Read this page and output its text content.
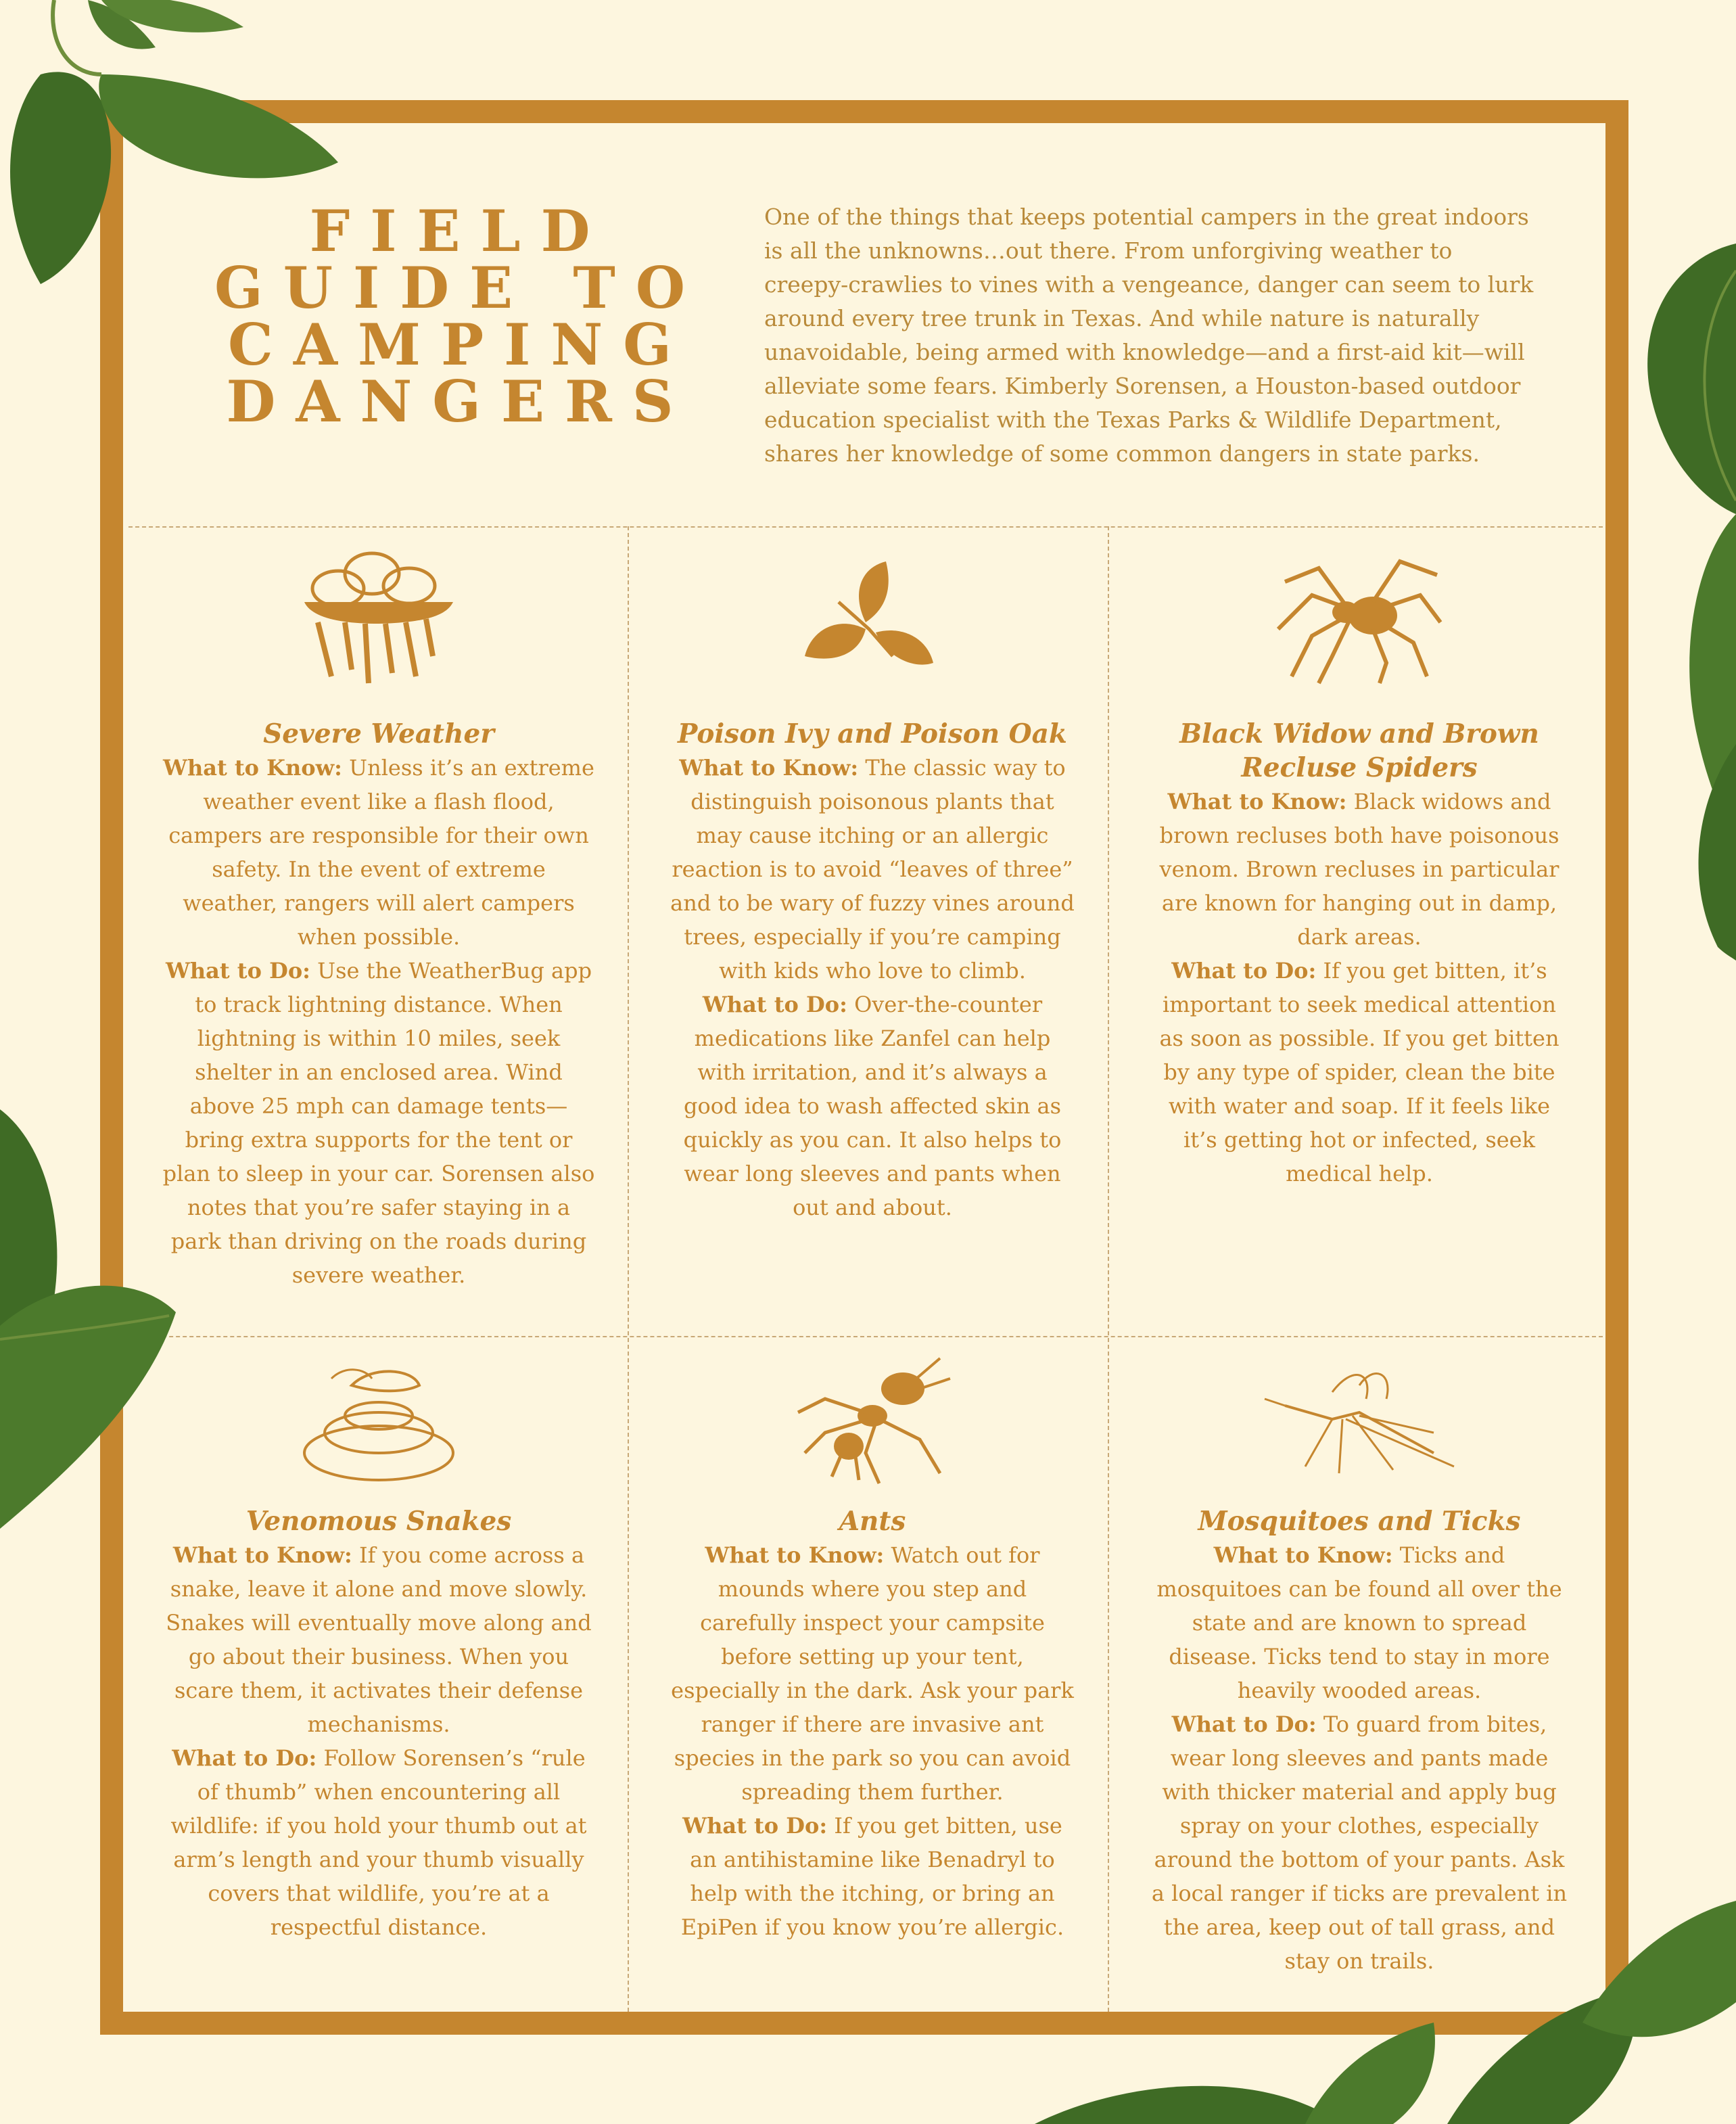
FIELD
GUIDE TO
CAMPING
DANGERS

One of the things that keeps potential campers in the great indoors is all the unknowns…out there. From unforgiving weather to creepy-crawlies to vines with a vengeance, danger can seem to lurk around every tree trunk in Texas. And while nature is naturally unavoidable, being armed with knowledge—and a first-aid kit—will alleviate some fears. Kimberly Sorensen, a Houston-based outdoor education specialist with the Texas Parks & Wildlife Department, shares her knowledge of some common dangers in state parks.

Severe Weather

What to Know: Unless it’s an extreme weather event like a flash flood, campers are responsible for their own safety. In the event of extreme weather, rangers will alert campers when possible.

What to Do: Use the WeatherBug app to track lightning distance. When lightning is within 10 miles, seek shelter in an enclosed area. Wind above 25 mph can damage tents—bring extra supports for the tent or plan to sleep in your car. Sorensen also notes that you’re safer staying in a park than driving on the roads during severe weather.

Poison Ivy and Poison Oak

What to Know: The classic way to distinguish poisonous plants that may cause itching or an allergic reaction is to avoid “leaves of three” and to be wary of fuzzy vines around trees, especially if you’re camping with kids who love to climb.

What to Do: Over-the-counter medications like Zanfel can help with irritation, and it’s always a good idea to wash affected skin as quickly as you can. It also helps to wear long sleeves and pants when out and about.

Black Widow and Brown Recluse Spiders

What to Know: Black widows and brown recluses both have poisonous venom. Brown recluses in particular are known for hanging out in damp, dark areas.

What to Do: If you get bitten, it’s important to seek medical attention as soon as possible. If you get bitten by any type of spider, clean the bite with water and soap. If it feels like it’s getting hot or infected, seek medical help.

Venomous Snakes

What to Know: If you come across a snake, leave it alone and move slowly. Snakes will eventually move along and go about their business. When you scare them, it activates their defense mechanisms.

What to Do: Follow Sorensen’s “rule of thumb” when encountering all wildlife: if you hold your thumb out at arm’s length and your thumb visually covers that wildlife, you’re at a respectful distance.

Ants

What to Know: Watch out for mounds where you step and carefully inspect your campsite before setting up your tent, especially in the dark. Ask your park ranger if there are invasive ant species in the park so you can avoid spreading them further.

What to Do: If you get bitten, use an antihistamine like Benadryl to help with the itching, or bring an EpiPen if you know you’re allergic.

Mosquitoes and Ticks

What to Know: Ticks and mosquitoes can be found all over the state and are known to spread disease. Ticks tend to stay in more heavily wooded areas.

What to Do: To guard from bites, wear long sleeves and pants made with thicker material and apply bug spray on your clothes, especially around the bottom of your pants. Ask a local ranger if ticks are prevalent in the area, keep out of tall grass, and stay on trails.
